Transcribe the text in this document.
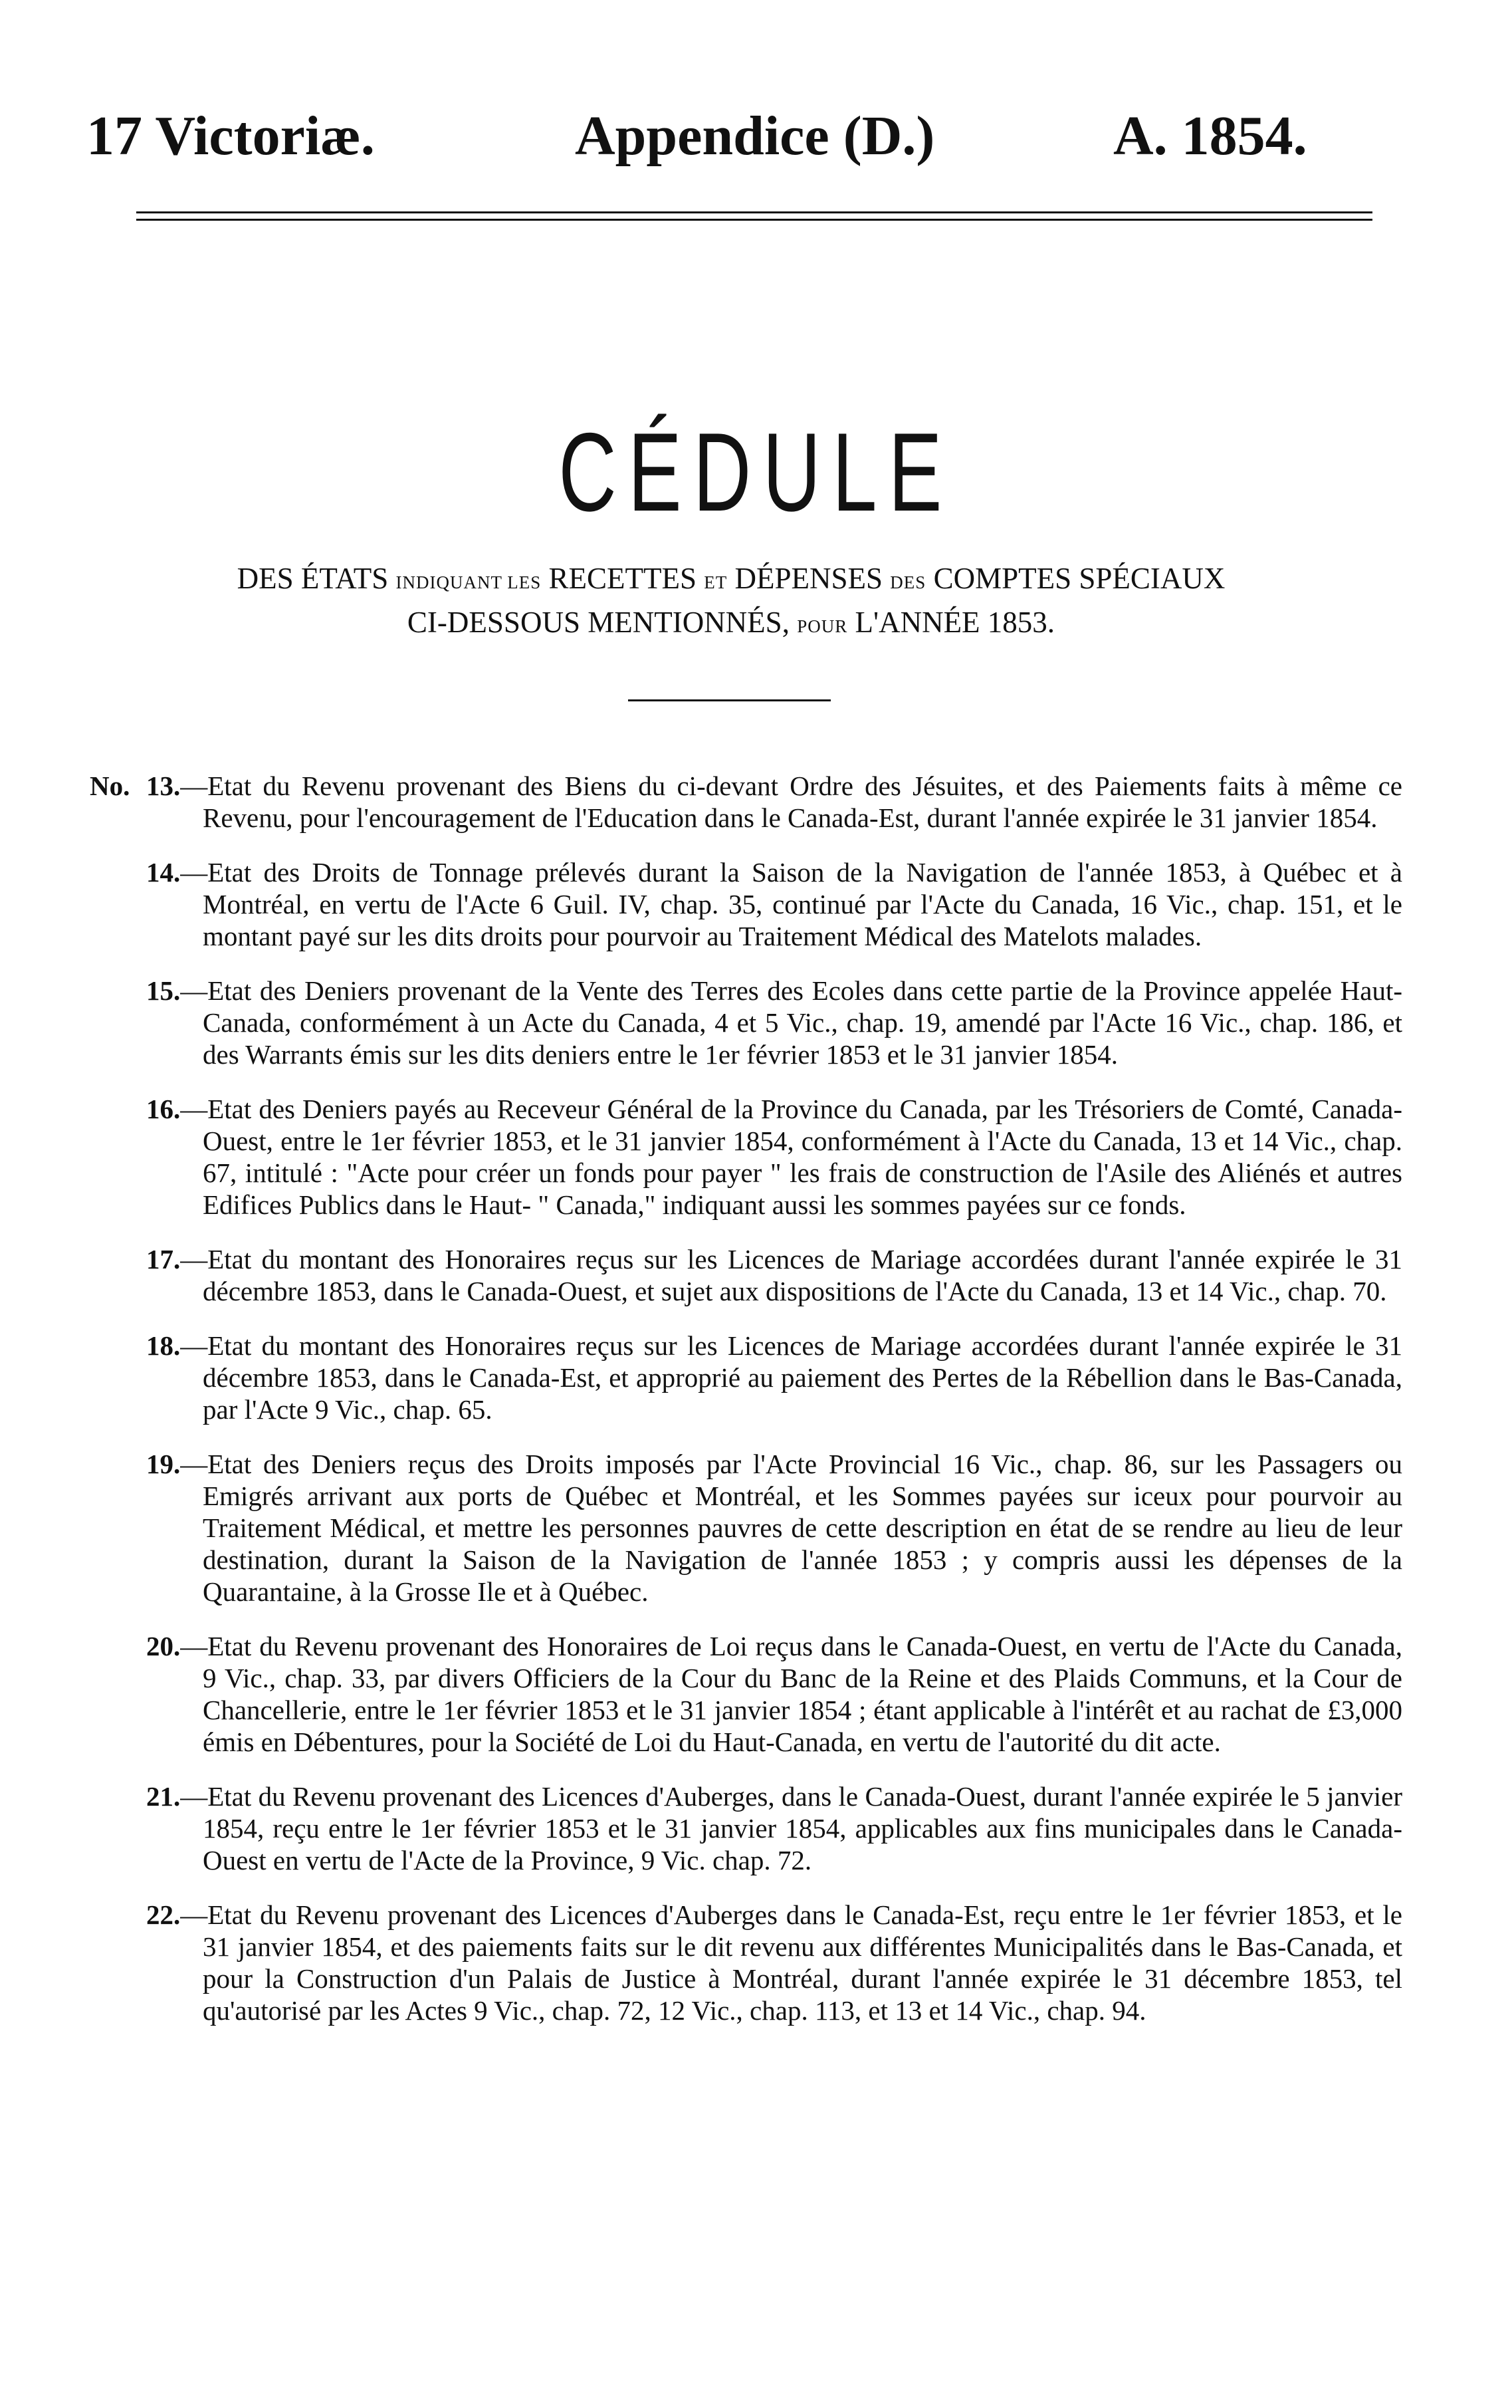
17 Victoriæ.	Appendice (D.)	A. 1854.
CÉDULE
DES ÉTATS INDIQUANT LES RECETTES ET DÉPENSES DES COMPTES SPÉCIAUX
CI-DESSOUS MENTIONNÉS, POUR L'ANNÉE 1853.
No. 13.—Etat du Revenu provenant des Biens du ci-devant Ordre des Jésuites, et des Paiements faits à même ce Revenu, pour l'encouragement de l'Education dans le Canada-Est, durant l'année expirée le 31 janvier 1854.
14.—Etat des Droits de Tonnage prélevés durant la Saison de la Navigation de l'année 1853, à Québec et à Montréal, en vertu de l'Acte 6 Guil. IV, chap. 35, continué par l'Acte du Canada, 16 Vic., chap. 151, et le montant payé sur les dits droits pour pourvoir au Traitement Médical des Matelots malades.
15.—Etat des Deniers provenant de la Vente des Terres des Ecoles dans cette partie de la Province appelée Haut-Canada, conformément à un Acte du Canada, 4 et 5 Vic., chap. 19, amendé par l'Acte 16 Vic., chap. 186, et des Warrants émis sur les dits deniers entre le 1er février 1853 et le 31 janvier 1854.
16.—Etat des Deniers payés au Receveur Général de la Province du Canada, par les Trésoriers de Comté, Canada-Ouest, entre le 1er février 1853, et le 31 janvier 1854, conformément à l'Acte du Canada, 13 et 14 Vic., chap. 67, intitulé : "Acte pour créer un fonds pour payer " les frais de construction de l'Asile des Aliénés et autres Edifices Publics dans le Haut- " Canada," indiquant aussi les sommes payées sur ce fonds.
17.—Etat du montant des Honoraires reçus sur les Licences de Mariage accordées durant l'année expirée le 31 décembre 1853, dans le Canada-Ouest, et sujet aux dispositions de l'Acte du Canada, 13 et 14 Vic., chap. 70.
18.—Etat du montant des Honoraires reçus sur les Licences de Mariage accordées durant l'année expirée le 31 décembre 1853, dans le Canada-Est, et approprié au paiement des Pertes de la Rébellion dans le Bas-Canada, par l'Acte 9 Vic., chap. 65.
19.—Etat des Deniers reçus des Droits imposés par l'Acte Provincial 16 Vic., chap. 86, sur les Passagers ou Emigrés arrivant aux ports de Québec et Montréal, et les Sommes payées sur iceux pour pourvoir au Traitement Médical, et mettre les personnes pauvres de cette description en état de se rendre au lieu de leur destination, durant la Saison de la Navigation de l'année 1853 ; y compris aussi les dépenses de la Quarantaine, à la Grosse Ile et à Québec.
20.—Etat du Revenu provenant des Honoraires de Loi reçus dans le Canada-Ouest, en vertu de l'Acte du Canada, 9 Vic., chap. 33, par divers Officiers de la Cour du Banc de la Reine et des Plaids Communs, et la Cour de Chancellerie, entre le 1er février 1853 et le 31 janvier 1854 ; étant applicable à l'intérêt et au rachat de £3,000 émis en Débentures, pour la Société de Loi du Haut-Canada, en vertu de l'autorité du dit acte.
21.—Etat du Revenu provenant des Licences d'Auberges, dans le Canada-Ouest, durant l'année expirée le 5 janvier 1854, reçu entre le 1er février 1853 et le 31 janvier 1854, applicables aux fins municipales dans le Canada-Ouest en vertu de l'Acte de la Province, 9 Vic. chap. 72.
22.—Etat du Revenu provenant des Licences d'Auberges dans le Canada-Est, reçu entre le 1er février 1853, et le 31 janvier 1854, et des paiements faits sur le dit revenu aux différentes Municipalités dans le Bas-Canada, et pour la Construction d'un Palais de Justice à Montréal, durant l'année expirée le 31 décembre 1853, tel qu'autorisé par les Actes 9 Vic., chap. 72, 12 Vic., chap. 113, et 13 et 14 Vic., chap. 94.
